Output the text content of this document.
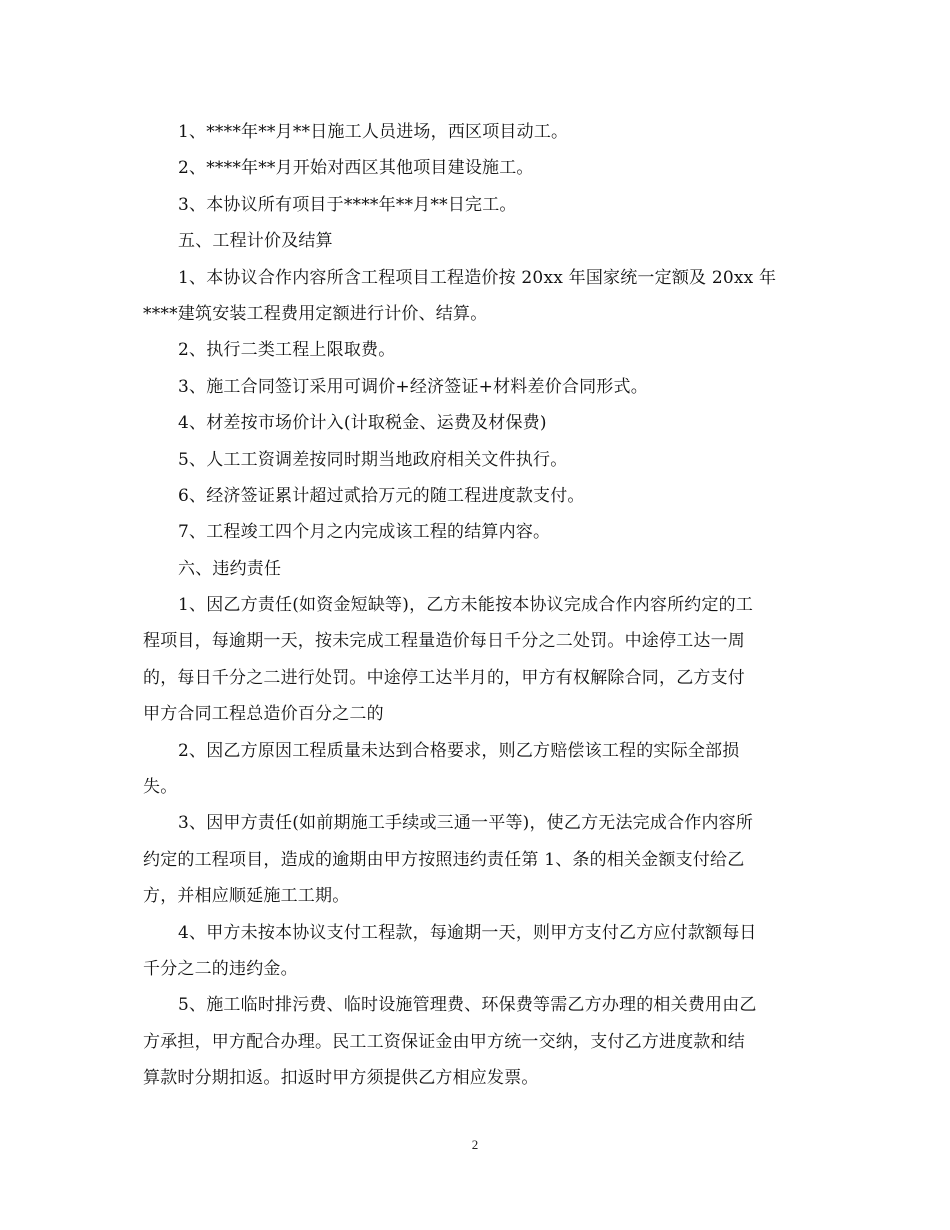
1、****年**月**日施工人员进场，西区项目动工。
2、****年**月开始对西区其他项目建设施工。
3、本协议所有项目于****年**月**日完工。
五、工程计价及结算
1、本协议合作内容所含工程项目工程造价按 20xx 年国家统一定额及 20xx 年
****建筑安装工程费用定额进行计价、结算。
2、执行二类工程上限取费。
3、施工合同签订采用可调价+经济签证+材料差价合同形式。
4、材差按市场价计入(计取税金、运费及材保费)
5、人工工资调差按同时期当地政府相关文件执行。
6、经济签证累计超过贰拾万元的随工程进度款支付。
7、工程竣工四个月之内完成该工程的结算内容。
六、违约责任
1、因乙方责任(如资金短缺等)，乙方未能按本协议完成合作内容所约定的工
程项目，每逾期一天，按未完成工程量造价每日千分之二处罚。中途停工达一周
的，每日千分之二进行处罚。中途停工达半月的，甲方有权解除合同，乙方支付
甲方合同工程总造价百分之二的
2、因乙方原因工程质量未达到合格要求，则乙方赔偿该工程的实际全部损
失。
3、因甲方责任(如前期施工手续或三通一平等)，使乙方无法完成合作内容所
约定的工程项目，造成的逾期由甲方按照违约责任第 1、条的相关金额支付给乙
方，并相应顺延施工工期。
4、甲方未按本协议支付工程款，每逾期一天，则甲方支付乙方应付款额每日
千分之二的违约金。
5、施工临时排污费、临时设施管理费、环保费等需乙方办理的相关费用由乙
方承担，甲方配合办理。民工工资保证金由甲方统一交纳，支付乙方进度款和结
算款时分期扣返。扣返时甲方须提供乙方相应发票。
2
